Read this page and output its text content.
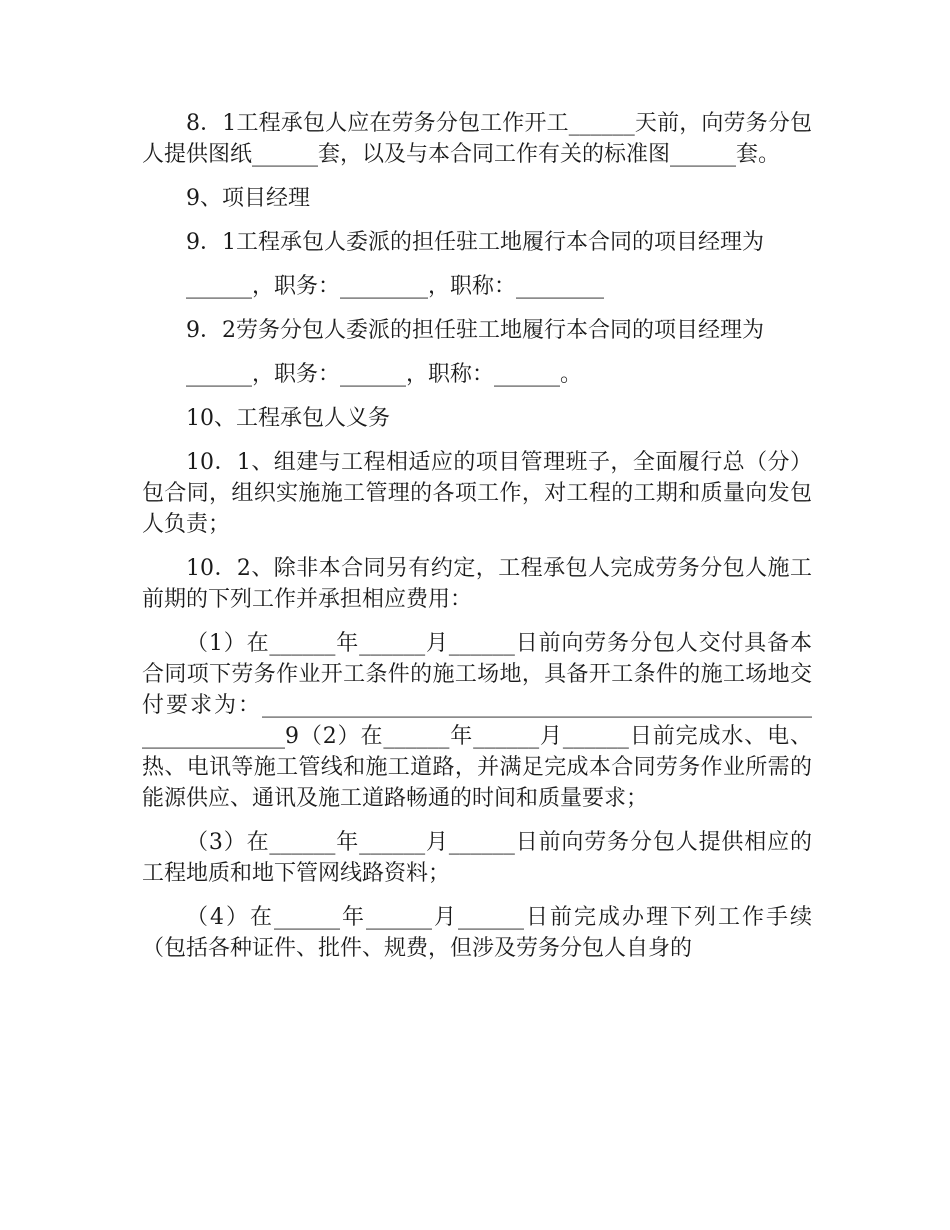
8．1工程承包人应在劳务分包工作开工______天前，向劳务分包人提供图纸______套，以及与本合同工作有关的标准图______套。

9、项目经理

9．1工程承包人委派的担任驻工地履行本合同的项目经理为

______，职务：________，职称：________

9．2劳务分包人委派的担任驻工地履行本合同的项目经理为

______，职务：______，职称：______。

10、工程承包人义务

10．1、组建与工程相适应的项目管理班子，全面履行总（分）包合同，组织实施施工管理的各项工作，对工程的工期和质量向发包人负责；

10．2、除非本合同另有约定，工程承包人完成劳务分包人施工前期的下列工作并承担相应费用：

（1）在______年______月______日前向劳务分包人交付具备本合同项下劳务作业开工条件的施工场地，具备开工条件的施工场地交付要求为：_______________________________________________________________9（2）在______年______月______日前完成水、电、热、电讯等施工管线和施工道路，并满足完成本合同劳务作业所需的能源供应、通讯及施工道路畅通的时间和质量要求；

（3）在______年______月______日前向劳务分包人提供相应的工程地质和地下管网线路资料；

（4）在______年______月______日前完成办理下列工作手续（包括各种证件、批件、规费，但涉及劳务分包人自身的
